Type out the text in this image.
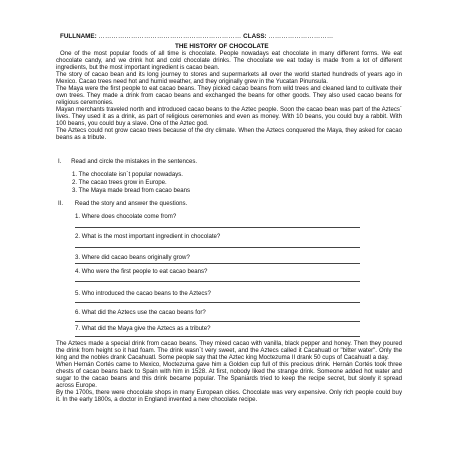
FULLNAME: ………………………………………………………… CLASS: …………………………
THE HISTORY OF CHOCOLATE

One of the most popular foods of all time is chocolate. People nowadays eat chocolate in many different forms. We eat chocolate candy, and we drink hot and cold chocolate drinks. The chocolate we eat today is made from a lot of different ingredients, but the most important ingredient is cacao bean.

The story of cacao bean and its long journey to stores and supermarkets all over the world started hundreds of years ago in Mexico. Cacao trees need hot and humid weather, and they originally grew in the Yucatan Pinunsula.

The Maya were the first people to eat cacao beans. They picked cacao beans from wild trees and cleaned land to cultivate their own trees. They made a drink from cacao beans and exchanged the beans for other goods. They also used cacao beans for religious ceremonies.

Mayan merchants traveled north and introduced cacao beans to the Aztec people. Soon the cacao bean was part of the Aztecs´ lives. They used it as a drink, as part of religious ceremonies and even as money. With 10 beans, you could buy a rabbit. With 100 beans, you could buy a slave. One of the Aztec god.

The Aztecs could not grow cacao trees because of the dry climate. When the Aztecs conquered the Maya, they asked for cacao beans as a tribute.

I. Read and circle the mistakes in the sentences.
1. The chocolate isn´t popular nowadays.
2. The cacao trees grow in Europe.
3. The Maya made bread from cacao beans
II. Read the story and answer the questions.
1. Where does chocolate come from?
2. What is the most important ingredient in chocolate?
3. Where did cacao beans originally grow?
4. Who were the first people to eat cacao beans?
5. Who introduced the cacao beans to the Aztecs?
6. What did the Aztecs use the cacao beans for?
7. What did the Maya give the Aztecs as a tribute?

The Aztecs made a special drink from cacao beans. They mixed cacao with vanilla, black pepper and honey. Then they poured the drink from height so it had foam. The drink wasn´t very sweet, and the Aztecs called it Cacahuatl or "bitter water". Only the king and the nobles drank Cacahuatl. Some people say that the Aztec king Moctezuma II drank 50 cups of Cacahuatl a day.

When Hernán Cortés came to Mexico, Moctezuma gave him a Golden cup full of this precious drink. Hernán Cortés took three chests of cacao beans back to Spain with him in 1528. At first, nobody liked the strange drink. Someone added hot water and sugar to the cacao beans and this drink became popular. The Spaniards tried to keep the recipe secret, but slowly it spread across Europe.

By the 1700s, there were chocolate shops in many European cities. Chocolate was very expensive. Only rich people could buy it. In the early 1800s, a doctor in England invented a new chocolate recipe.
